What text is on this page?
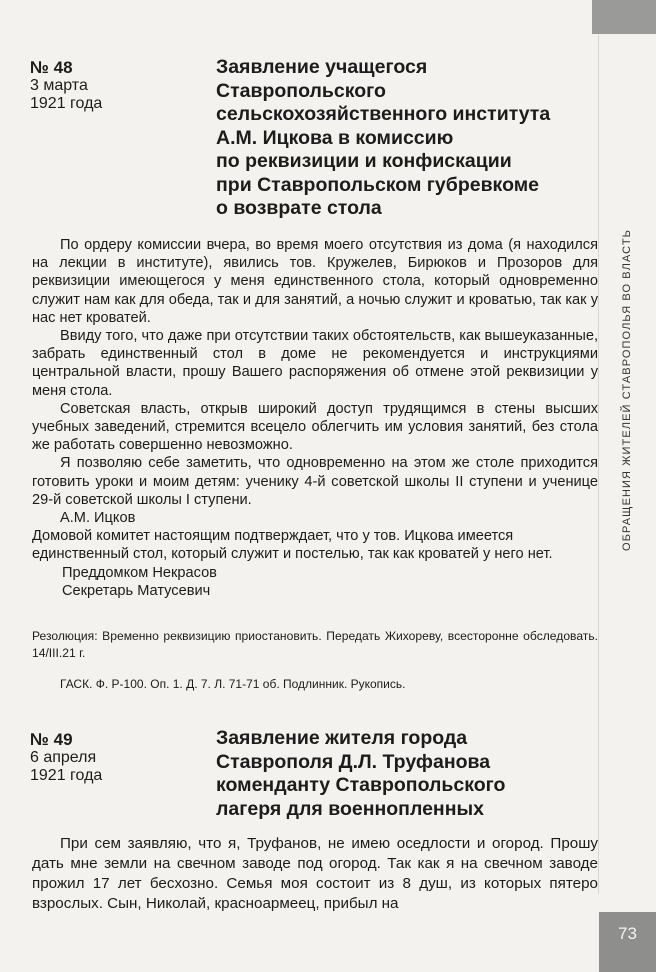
ОБРАЩЕНИЯ ЖИТЕЛЕЙ СТАВРОПОЛЬЯ ВО ВЛАСТЬ
№ 48
3 марта
1921 года
Заявление учащегося
Ставропольского
сельскохозяйственного института
А.М. Ицкова в комиссию
по реквизиции и конфискации
при Ставропольском губревкоме
о возврате стола

По ордеру комиссии вчера, во время моего отсутствия из дома (я находился на лекции в институте), явились тов. Кружелев, Бирюков и Прозоров для реквизиции имеющегося у меня единственного стола, который одновременно служит нам как для обеда, так и для занятий, а ночью служит и кроватью, так как у нас нет кроватей.

Ввиду того, что даже при отсутствии таких обстоятельств, как вышеуказанные, забрать единственный стол в доме не рекомендуется и инструкциями центральной власти, прошу Вашего распоряжения об отмене этой реквизиции у меня стола.

Советская власть, открыв широкий доступ трудящимся в стены высших учебных заведений, стремится всецело облегчить им условия занятий, без стола же работать совершенно невозможно.

Я позволяю себе заметить, что одновременно на этом же столе приходится готовить уроки и моим детям: ученику 4-й советской школы II ступени и ученице 29-й советской школы I ступени.

А.М. Ицков

Домовой комитет настоящим подтверждает, что у тов. Ицкова имеется единственный стол, который служит и постелью, так как кроватей у него нет.

Преддомком Некрасов

Секретарь Матусевич

Резолюция: Временно реквизицию приостановить. Передать Жихореву, всесторонне обследовать. 14/III.21 г.
ГАСК. Ф. Р-100. Оп. 1. Д. 7. Л. 71-71 об. Подлинник. Рукопись.
№ 49
6 апреля
1921 года
Заявление жителя города
Ставрополя Д.Л. Труфанова
коменданту Ставропольского
лагеря для военнопленных

При сем заявляю, что я, Труфанов, не имею оседлости и огород. Прошу дать мне земли на свечном заводе под огород. Так как я на свечном заводе прожил 17 лет бесхозно. Семья моя состоит из 8 душ, из которых пятеро взрослых. Сын, Николай, красноармеец, прибыл на

73
